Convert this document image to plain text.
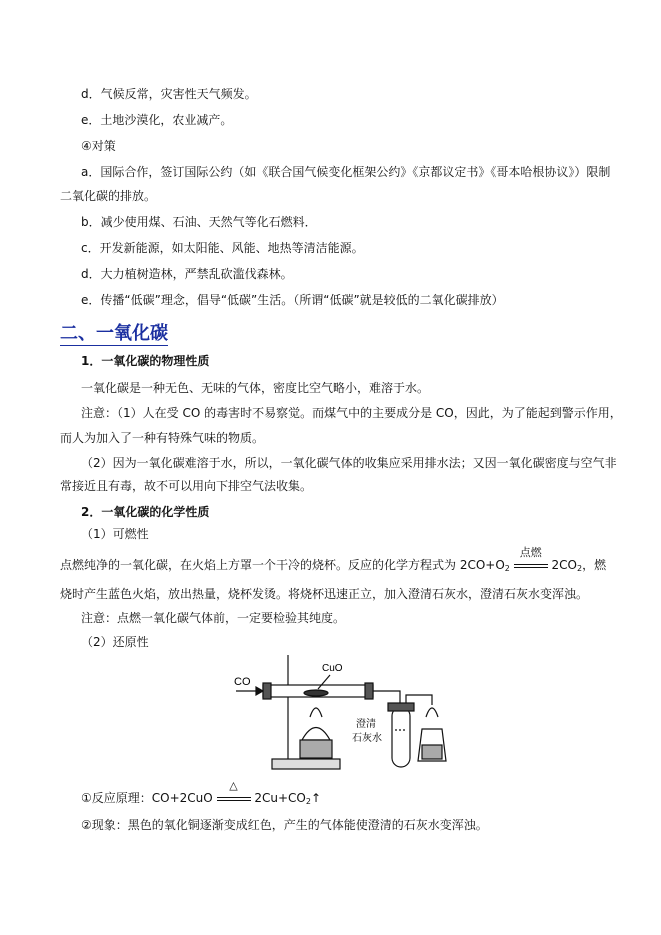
d．气候反常，灾害性天气频发。
e．土地沙漠化，农业减产。
④对策
a．国际合作，签订国际公约（如《联合国气候变化框架公约》《京都议定书》《哥本哈根协议》）限制
二氧化碳的排放。
b．减少使用煤、石油、天然气等化石燃料．
c．开发新能源，如太阳能、风能、地热等清洁能源。
d．大力植树造林，严禁乱砍滥伐森林。
e．传播“低碳”理念，倡导“低碳”生活。（所谓“低碳”就是较低的二氧化碳排放）
二、一氧化碳
1．一氧化碳的物理性质
一氧化碳是一种无色、无味的气体，密度比空气略小，难溶于水。
注意：（1）人在受 CO 的毒害时不易察觉。而煤气中的主要成分是 CO，因此，为了能起到警示作用，
而人为加入了一种有特殊气味的物质。
（2）因为一氧化碳难溶于水，所以，一氧化碳气体的收集应采用排水法；又因一氧化碳密度与空气非
常接近且有毒，故不可以用向下排空气法收集。
2．一氧化碳的化学性质
（1）可燃性
点燃纯净的一氧化碳，在火焰上方罩一个干冷的烧杯。反应的化学方程式为 $2CO+O_2$
点燃
$2CO_2$，燃
烧时产生蓝色火焰，放出热量，烧杯发烫。将烧杯迅速正立，加入澄清石灰水，澄清石灰水变浑浊。
注意：点燃一氧化碳气体前，一定要检验其纯度。
（2）还原性
CO
CuO
澄清
石灰水
①反应原理：CO+2CuO
△
$2Cu+CO_2↑$
②现象：黑色的氧化铜逐渐变成红色，产生的气体能使澄清的石灰水变浑浊。
